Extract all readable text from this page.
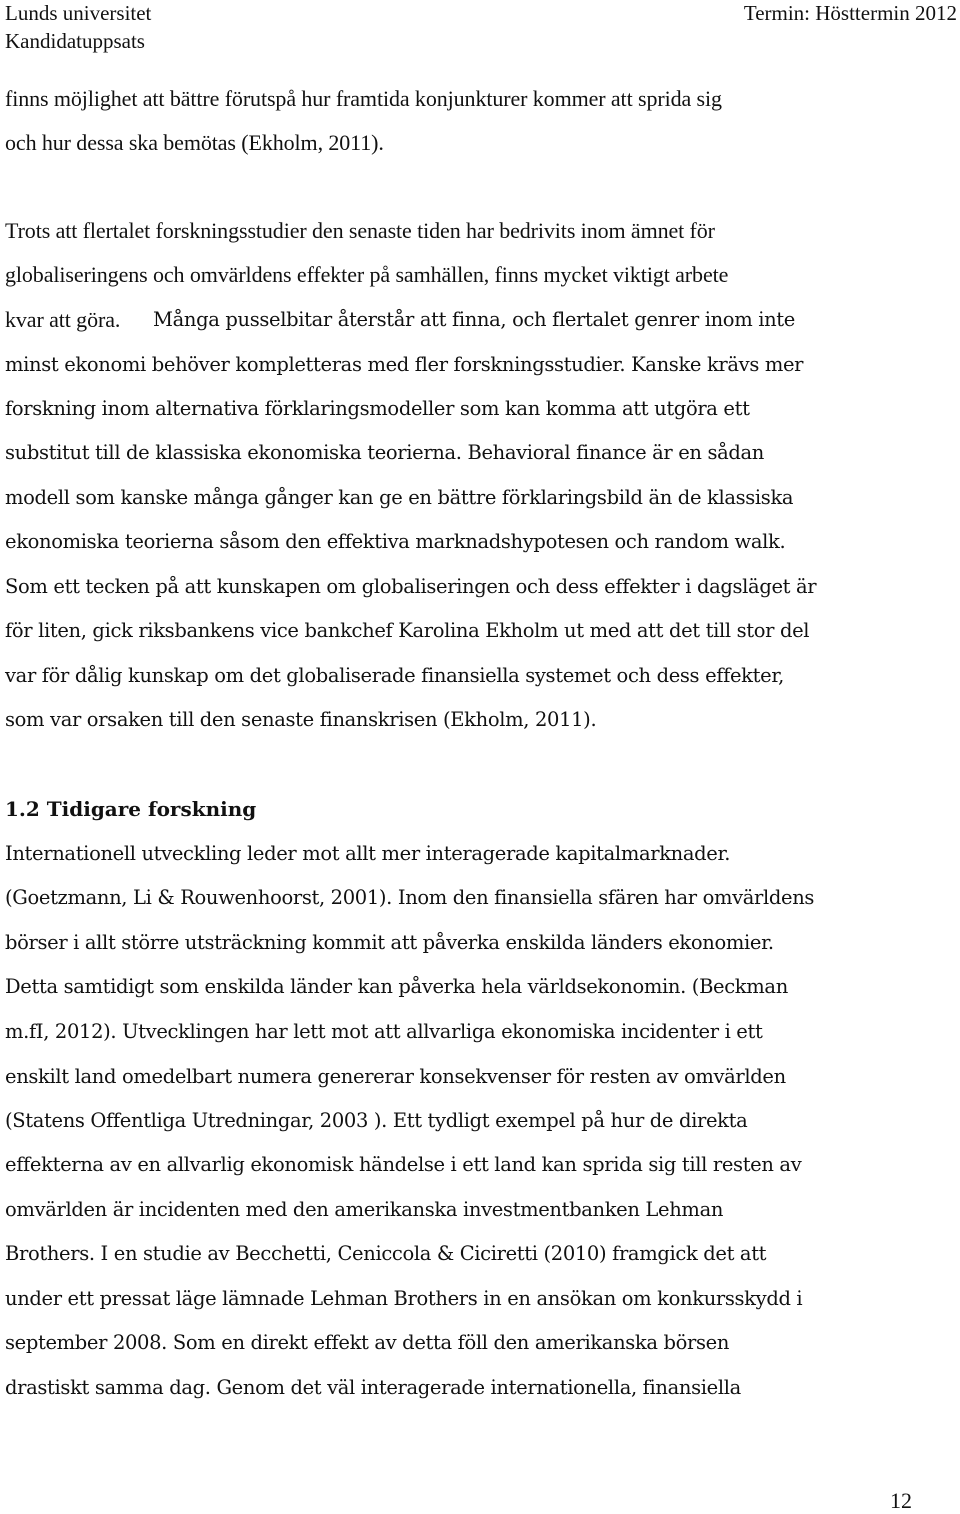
Lunds universitet
Kandidatuppsats
Termin: Hösttermin 2012
finns möjlighet att bättre förutspå hur framtida konjunkturer kommer att sprida sig
och hur dessa ska bemötas (Ekholm, 2011).
Trots att flertalet forskningsstudier den senaste tiden har bedrivits inom ämnet för
globaliseringens och omvärldens effekter på samhällen, finns mycket viktigt arbete
kvar att göra. Många pusselbitar återstår att finna, och flertalet genrer inom inte
minst ekonomi behöver kompletteras med fler forskningsstudier. Kanske krävs mer
forskning inom alternativa förklaringsmodeller som kan komma att utgöra ett
substitut till de klassiska ekonomiska teorierna. Behavioral finance är en sådan
modell som kanske många gånger kan ge en bättre förklaringsbild än de klassiska
ekonomiska teorierna såsom den effektiva marknadshypotesen och random walk.
Som ett tecken på att kunskapen om globaliseringen och dess effekter i dagsläget är
för liten, gick riksbankens vice bankchef Karolina Ekholm ut med att det till stor del
var för dålig kunskap om det globaliserade finansiella systemet och dess effekter,
som var orsaken till den senaste finanskrisen (Ekholm, 2011).
1.2 Tidigare forskning
Internationell utveckling leder mot allt mer interagerade kapitalmarknader.
(Goetzmann, Li & Rouwenhoorst, 2001). Inom den finansiella sfären har omvärldens
börser i allt större utsträckning kommit att påverka enskilda länders ekonomier.
Detta samtidigt som enskilda länder kan påverka hela världsekonomin. (Beckman
m.fI, 2012). Utvecklingen har lett mot att allvarliga ekonomiska incidenter i ett
enskilt land omedelbart numera genererar konsekvenser för resten av omvärlden
(Statens Offentliga Utredningar, 2003 ). Ett tydligt exempel på hur de direkta
effekterna av en allvarlig ekonomisk händelse i ett land kan sprida sig till resten av
omvärlden är incidenten med den amerikanska investmentbanken Lehman
Brothers. I en studie av Becchetti, Ceniccola & Ciciretti (2010) framgick det att
under ett pressat läge lämnade Lehman Brothers in en ansökan om konkursskydd i
september 2008. Som en direkt effekt av detta föll den amerikanska börsen
drastiskt samma dag. Genom det väl interagerade internationella, finansiella
12
